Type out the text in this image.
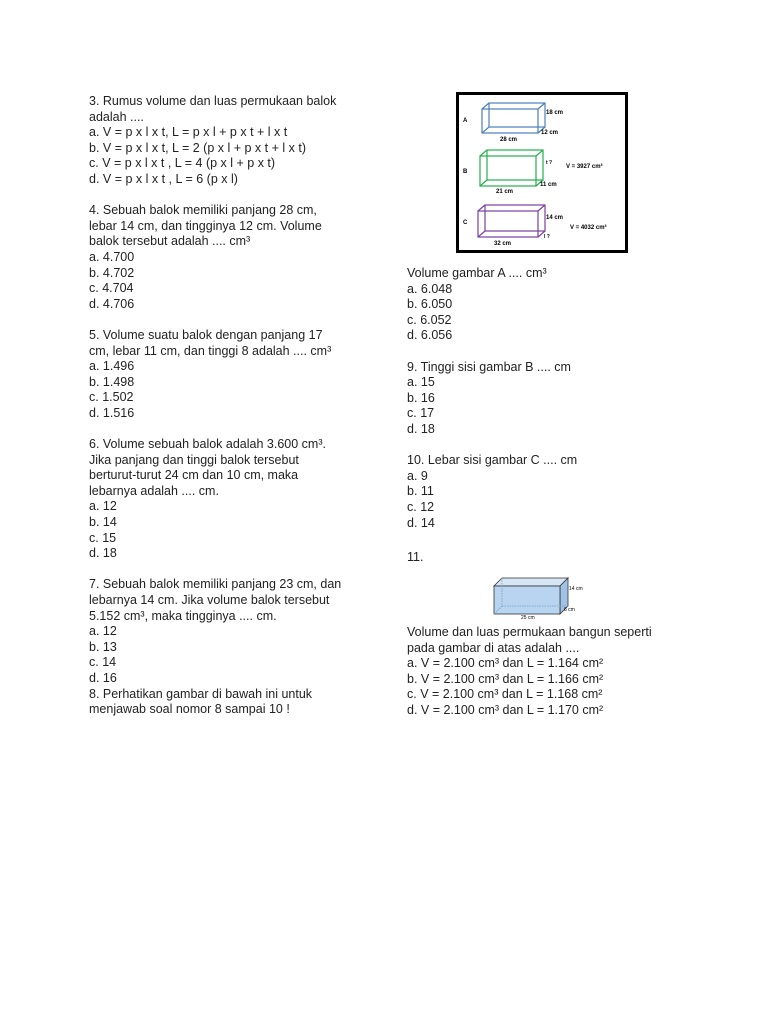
3. Rumus volume dan luas permukaan balok
adalah ....
a. V = p x l x t, L = p x l + p x t + l x t
b. V = p x l x t, L = 2 (p x l + p x t + l x t)
c. V = p x l x t , L = 4 (p x l + p x t)
d. V = p x l x t , L = 6 (p x l)
4. Sebuah balok memiliki panjang 28 cm,
lebar 14 cm, dan tingginya 12 cm. Volume
balok tersebut adalah .... cm³
a. 4.700
b. 4.702
c. 4.704
d. 4.706
5. Volume suatu balok dengan panjang 17
cm, lebar 11 cm, dan tinggi 8 adalah .... cm³
a. 1.496
b. 1.498
c. 1.502
d. 1.516
6. Volume sebuah balok adalah 3.600 cm³.
Jika panjang dan tinggi balok tersebut
berturut-turut 24 cm dan 10 cm, maka
lebarnya adalah .... cm.
a. 12
b. 14
c. 15
d. 18
7. Sebuah balok memiliki panjang 23 cm, dan
lebarnya 14 cm. Jika volume balok tersebut
5.152 cm³, maka tingginya .... cm.
a. 12
b. 13
c. 14
d. 16
8. Perhatikan gambar di bawah ini untuk
menjawab soal nomor 8 sampai 10 !
A
18 cm
12 cm
28 cm
B
t ?
V = 3927 cm³
11 cm
21 cm
C
14 cm
V = 4032 cm³
l ?
32 cm
Volume gambar A .... cm³
a. 6.048
b. 6.050
c. 6.052
d. 6.056
9. Tinggi sisi gambar B .... cm
a. 15
b. 16
c. 17
d. 18
10. Lebar sisi gambar C .... cm
a. 9
b. 11
c. 12
d. 14
11.
14 cm
6 cm
25 cm
Volume dan luas permukaan bangun seperti
pada gambar di atas adalah ....
a. V = 2.100 cm³ dan L = 1.164 cm²
b. V = 2.100 cm³ dan L = 1.166 cm²
c. V = 2.100 cm³ dan L = 1.168 cm²
d. V = 2.100 cm³ dan L = 1.170 cm²
